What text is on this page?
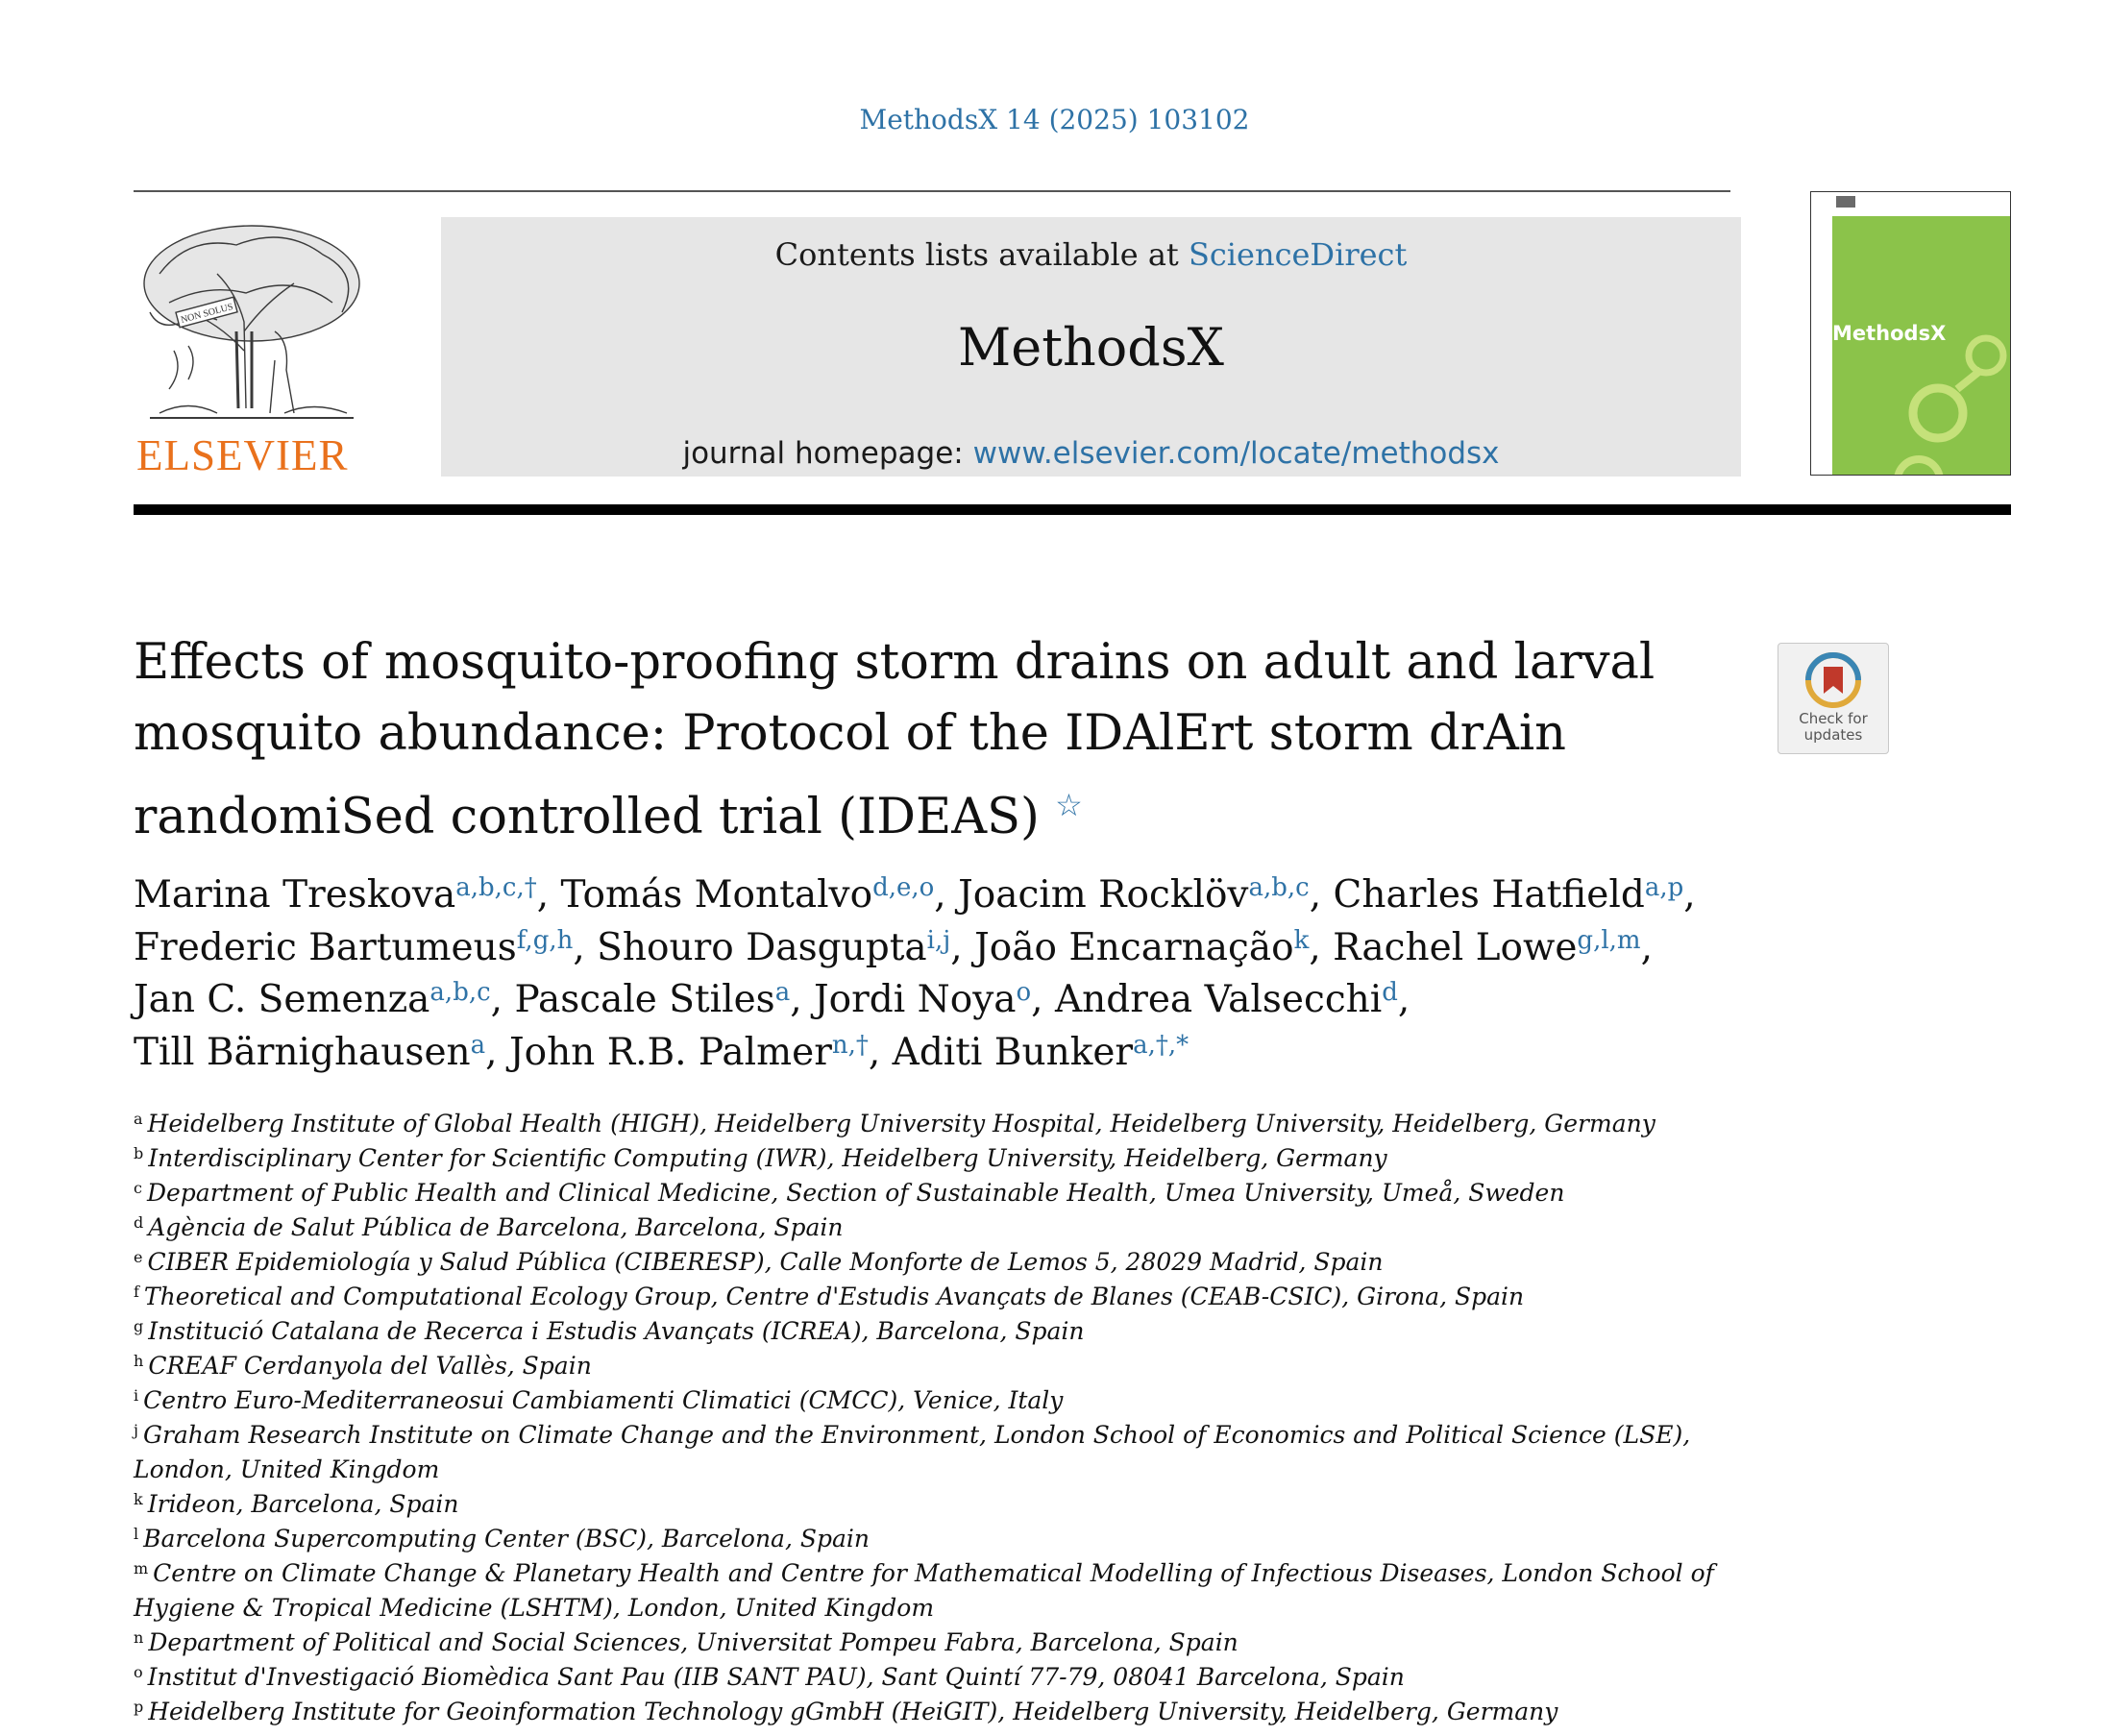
MethodsX 14 (2025) 103102
NON SOLUS
ELSEVIER
Contents lists available at ScienceDirect
MethodsX
journal homepage: www.elsevier.com/locate/methodsx
MethodsX
Effects of mosquito-proofing storm drains on adult and larval
mosquito abundance: Protocol of the IDAlErt storm drAin
randomiSed controlled trial (IDEAS) ☆
Check for updates
Marina Treskova$^{a,b,c,\dagger}$, Tomás Montalvo$^{d,e,o}$, Joacim Rocklöv$^{a,b,c}$, Charles Hatfield$^{a,p}$,
Frederic Bartumeus$^{f,g,h}$, Shouro Dasgupta$^{i,j}$, João Encarnação$^k$, Rachel Lowe$^{g,l,m}$,
Jan C. Semenza$^{a,b,c}$, Pascale Stiles$^a$, Jordi Noya$^o$, Andrea Valsecchi$^d$,
Till Bärnighausen$^a$, John R.B. Palmer$^{n,\dagger}$, Aditi Bunker$^{a,\dagger,*}$
$^a$ Heidelberg Institute of Global Health (HIGH), Heidelberg University Hospital, Heidelberg University, Heidelberg, Germany
$^b$ Interdisciplinary Center for Scientific Computing (IWR), Heidelberg University, Heidelberg, Germany
$^c$ Department of Public Health and Clinical Medicine, Section of Sustainable Health, Umea University, Umeå, Sweden
$^d$ Agència de Salut Pública de Barcelona, Barcelona, Spain
$^e$ CIBER Epidemiología y Salud Pública (CIBERESP), Calle Monforte de Lemos 5, 28029 Madrid, Spain
$^f$ Theoretical and Computational Ecology Group, Centre d'Estudis Avançats de Blanes (CEAB-CSIC), Girona, Spain
$^g$ Institució Catalana de Recerca i Estudis Avançats (ICREA), Barcelona, Spain
$^h$ CREAF Cerdanyola del Vallès, Spain
$^i$ Centro Euro-Mediterraneosui Cambiamenti Climatici (CMCC), Venice, Italy
$^j$ Graham Research Institute on Climate Change and the Environment, London School of Economics and Political Science (LSE), London, United Kingdom
$^k$ Irideon, Barcelona, Spain
$^l$ Barcelona Supercomputing Center (BSC), Barcelona, Spain
$^m$ Centre on Climate Change & Planetary Health and Centre for Mathematical Modelling of Infectious Diseases, London School of Hygiene & Tropical Medicine (LSHTM), London, United Kingdom
$^n$ Department of Political and Social Sciences, Universitat Pompeu Fabra, Barcelona, Spain
$^o$ Institut d'Investigació Biomèdica Sant Pau (IIB SANT PAU), Sant Quintí 77-79, 08041 Barcelona, Spain
$^p$ Heidelberg Institute for Geoinformation Technology gGmbH (HeiGIT), Heidelberg University, Heidelberg, Germany
